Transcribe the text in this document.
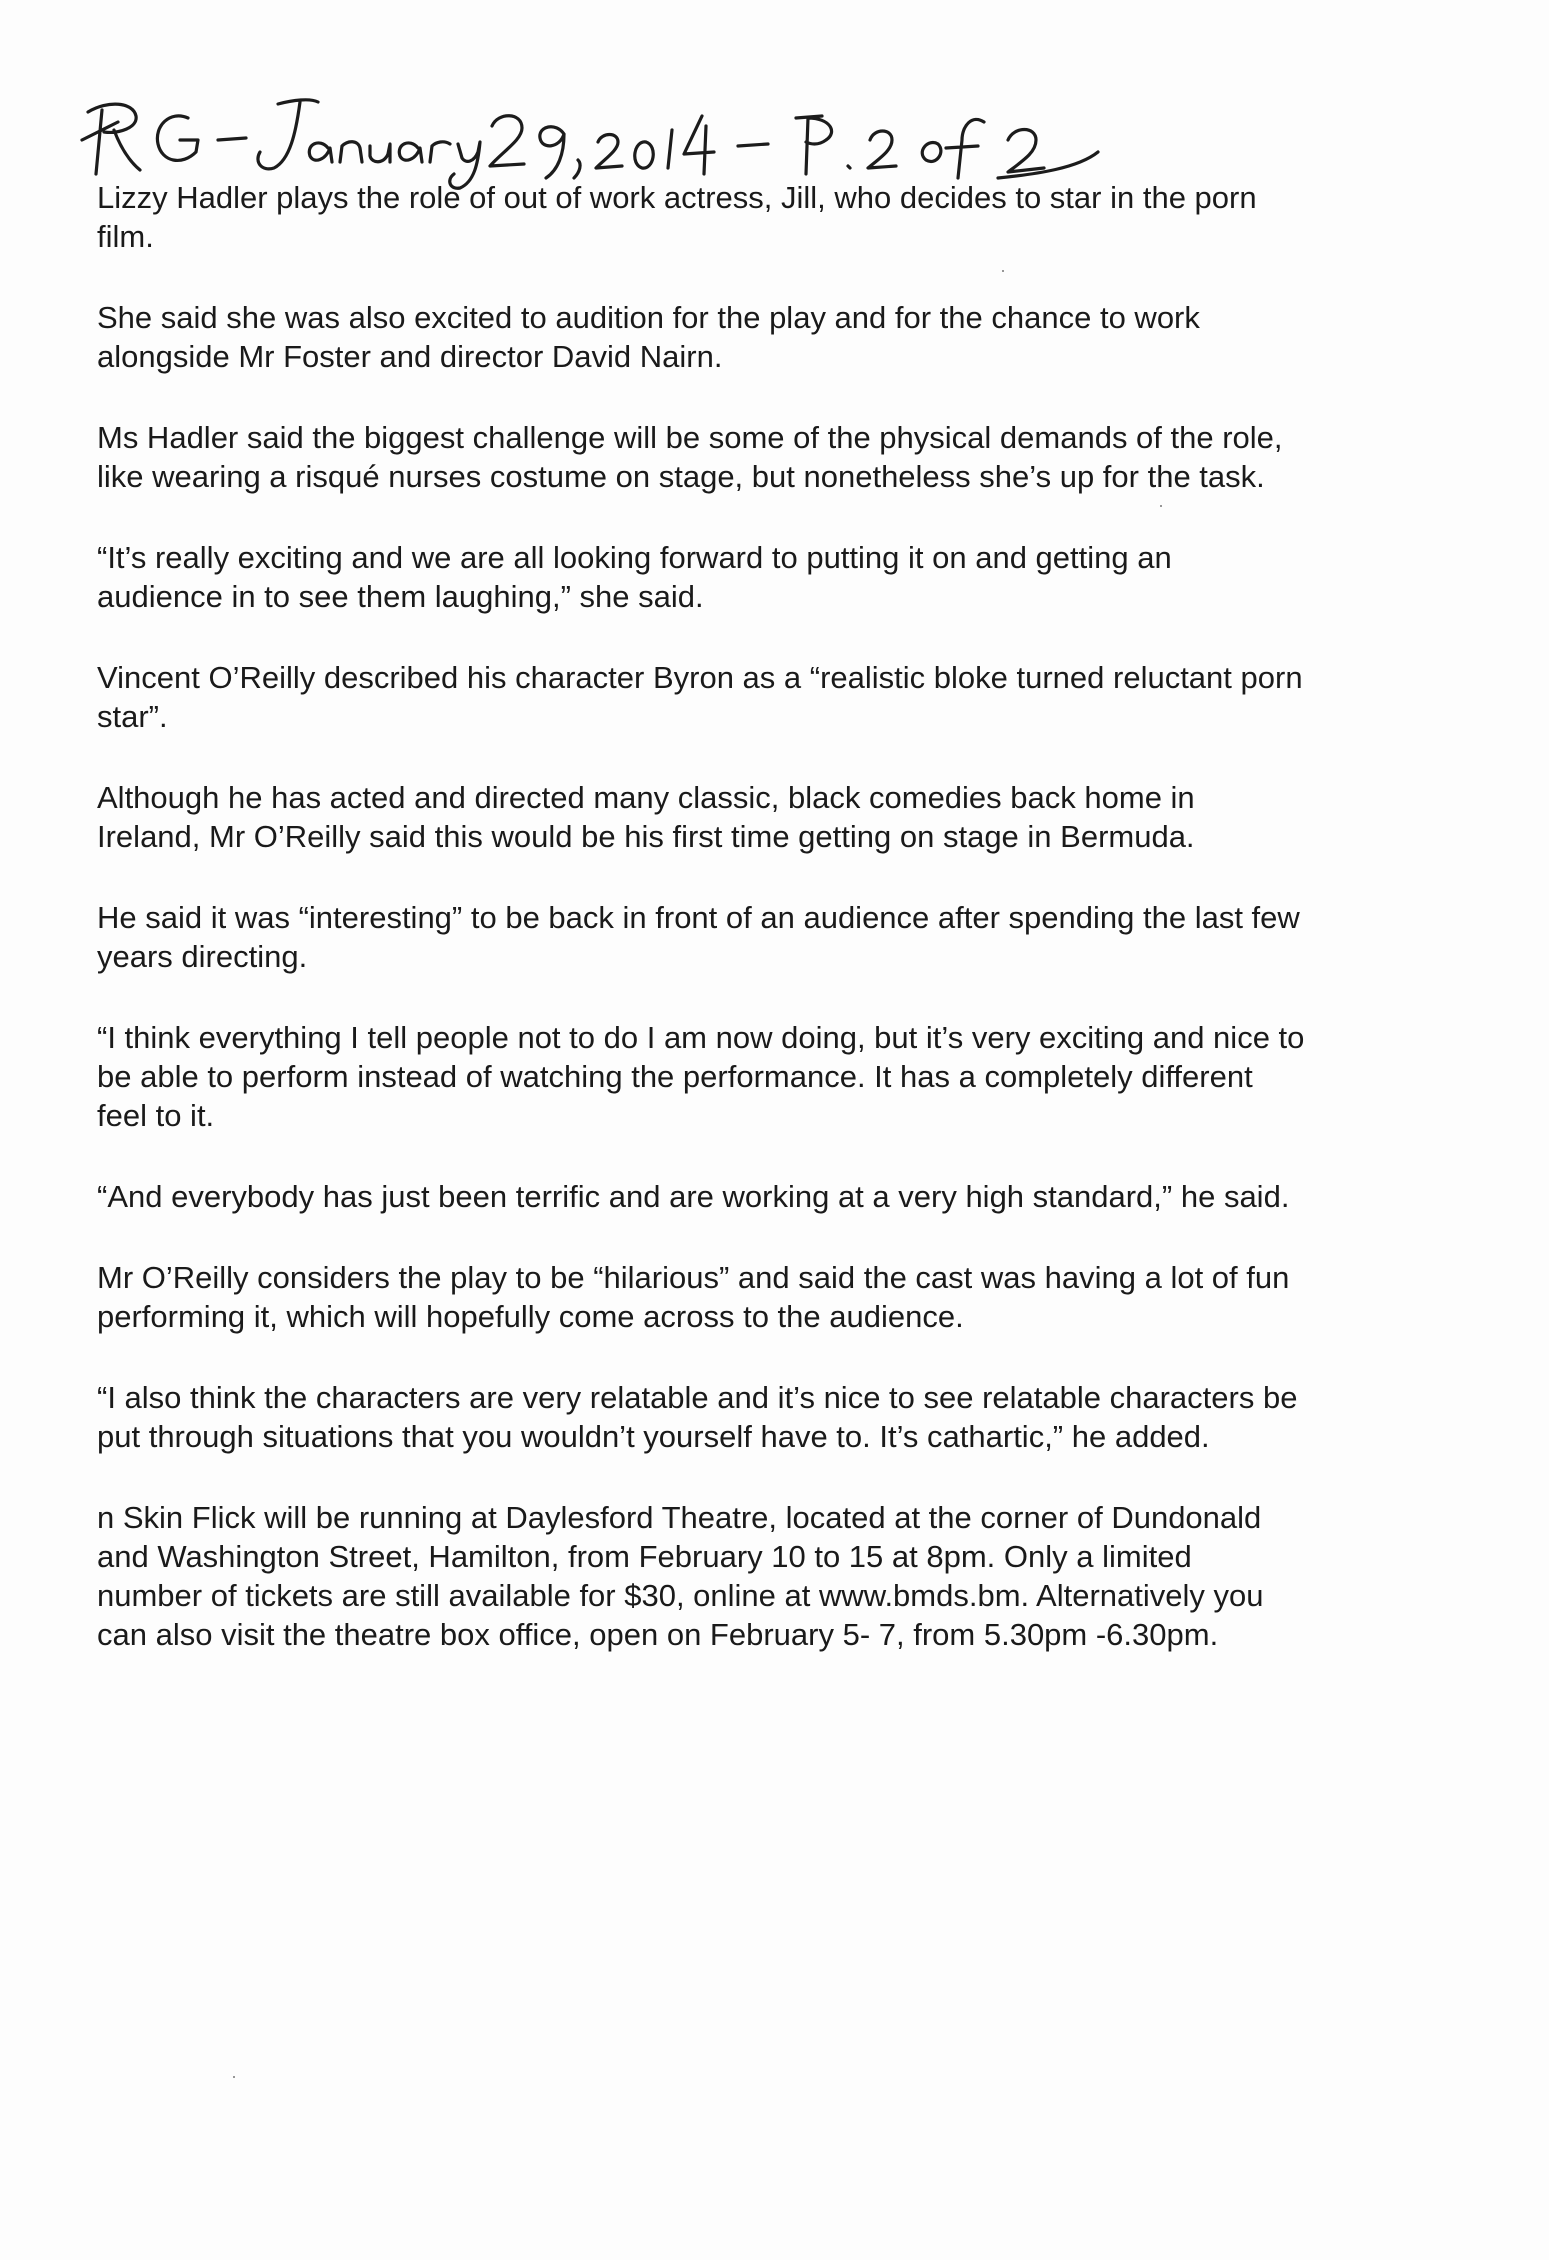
Lizzy Hadler plays the role of out of work actress, Jill, who decides to star in the porn
film.

She said she was also excited to audition for the play and for the chance to work
alongside Mr Foster and director David Nairn.

Ms Hadler said the biggest challenge will be some of the physical demands of the role,
like wearing a risqué nurses costume on stage, but nonetheless she’s up for the task.

“It’s really exciting and we are all looking forward to putting it on and getting an
audience in to see them laughing,” she said.

Vincent O’Reilly described his character Byron as a “realistic bloke turned reluctant porn
star”.

Although he has acted and directed many classic, black comedies back home in
Ireland, Mr O’Reilly said this would be his first time getting on stage in Bermuda.

He said it was “interesting” to be back in front of an audience after spending the last few
years directing.

“I think everything I tell people not to do I am now doing, but it’s very exciting and nice to
be able to perform instead of watching the performance. It has a completely different
feel to it.

“And everybody has just been terrific and are working at a very high standard,” he said.

Mr O’Reilly considers the play to be “hilarious” and said the cast was having a lot of fun
performing it, which will hopefully come across to the audience.

“I also think the characters are very relatable and it’s nice to see relatable characters be
put through situations that you wouldn’t yourself have to. It’s cathartic,” he added.

n Skin Flick will be running at Daylesford Theatre, located at the corner of Dundonald
and Washington Street, Hamilton, from February 10 to 15 at 8pm. Only a limited
number of tickets are still available for $30, online at www.bmds.bm. Alternatively you
can also visit the theatre box office, open on February 5- 7, from 5.30pm -6.30pm.
